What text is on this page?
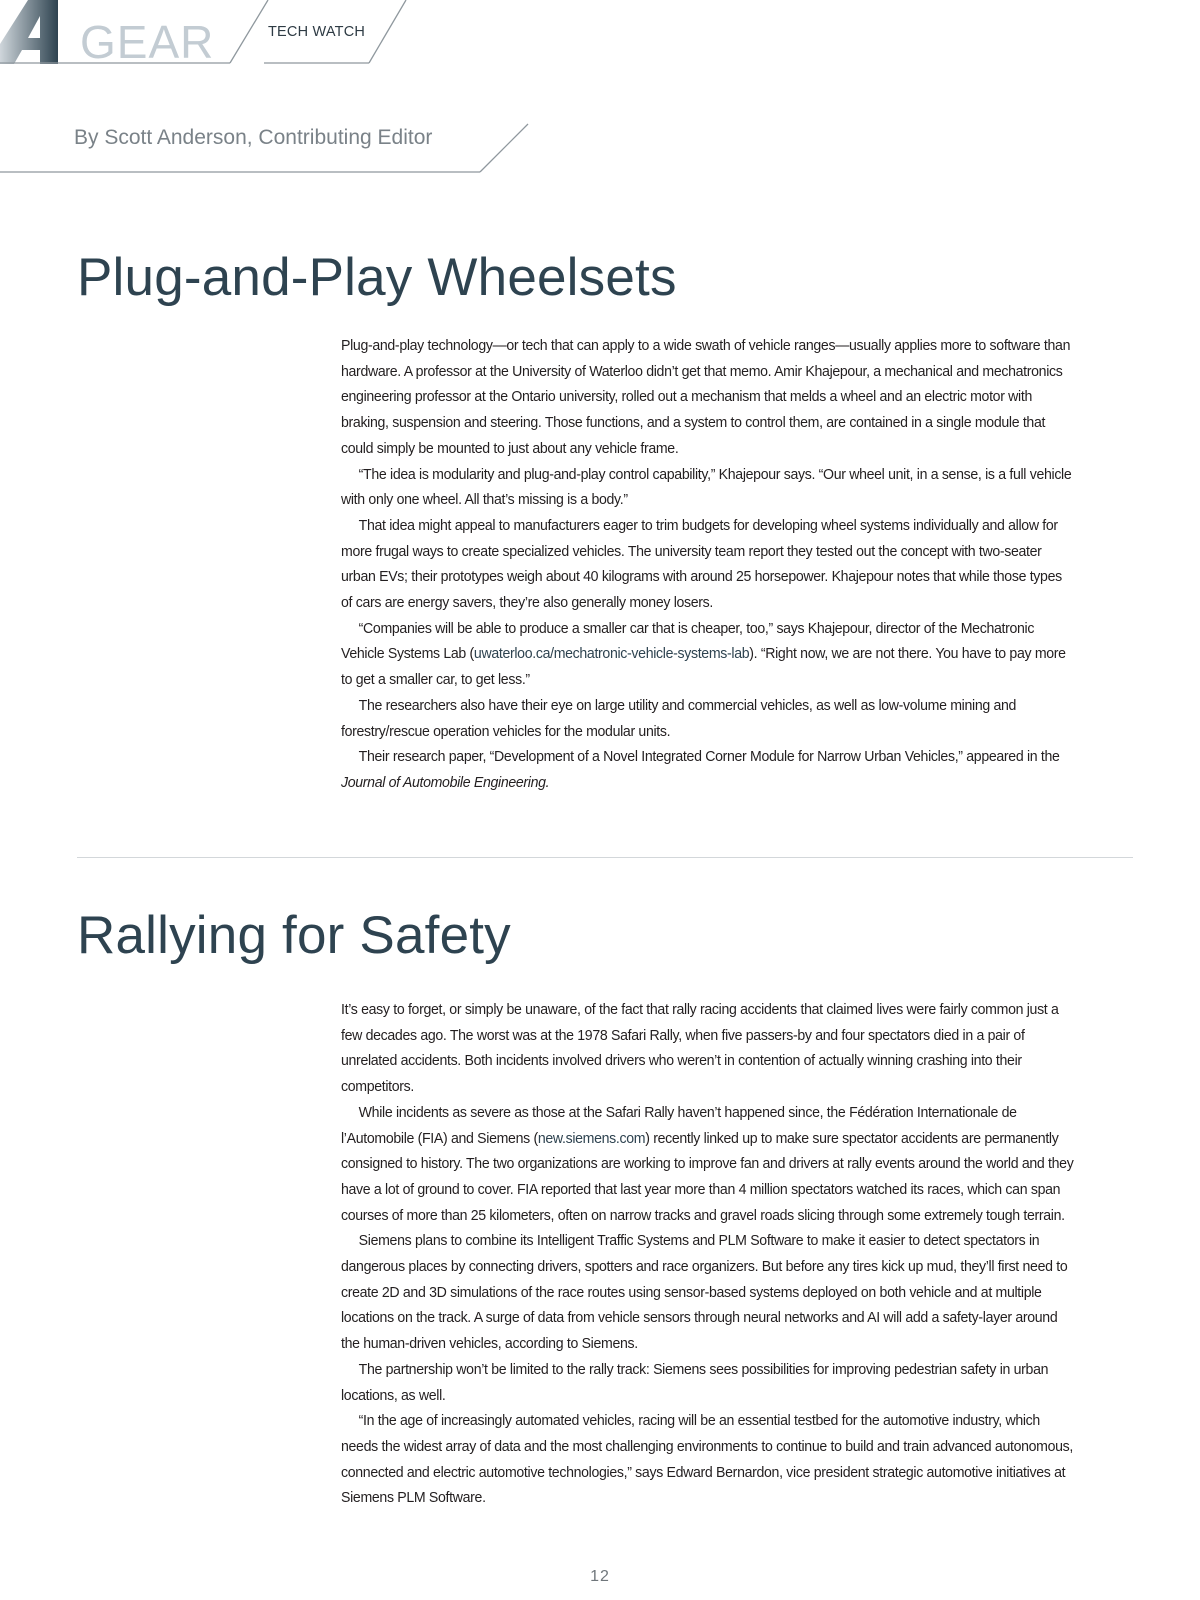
GEAR	TECH WATCH
By Scott Anderson, Contributing Editor
Plug-and-Play Wheelsets

Plug-and-play technology—or tech that can apply to a wide swath of vehicle ranges—usually applies more to software than hardware. A professor at the University of Waterloo didn’t get that memo. Amir Khajepour, a mechanical and mechatronics engineering professor at the Ontario university, rolled out a mechanism that melds a wheel and an electric motor with braking, suspension and steering. Those functions, and a system to control them, are contained in a single module that could simply be mounted to just about any vehicle frame.

“The idea is modularity and plug-and-play control capability,” Khajepour says. “Our wheel unit, in a sense, is a full vehicle with only one wheel. All that’s missing is a body.”

That idea might appeal to manufacturers eager to trim budgets for developing wheel systems individually and allow for more frugal ways to create specialized vehicles. The university team report they tested out the concept with two-seater urban EVs; their prototypes weigh about 40 kilograms with around 25 horsepower. Khajepour notes that while those types of cars are energy savers, they’re also generally money losers.

“Companies will be able to produce a smaller car that is cheaper, too,” says Khajepour, director of the Mechatronic Vehicle Systems Lab (uwaterloo.ca/mechatronic-vehicle-systems-lab). “Right now, we are not there. You have to pay more to get a smaller car, to get less.”

The researchers also have their eye on large utility and commercial vehicles, as well as low-volume mining and forestry/rescue operation vehicles for the modular units.

Their research paper, “Development of a Novel Integrated Corner Module for Narrow Urban Vehicles,” appeared in the Journal of Automobile Engineering.

Rallying for Safety

It’s easy to forget, or simply be unaware, of the fact that rally racing accidents that claimed lives were fairly common just a few decades ago. The worst was at the 1978 Safari Rally, when five passers-by and four spectators died in a pair of unrelated accidents. Both incidents involved drivers who weren’t in contention of actually winning crashing into their competitors.

While incidents as severe as those at the Safari Rally haven’t happened since, the Fédération Internationale de l’Automobile (FIA) and Siemens (new.siemens.com) recently linked up to make sure spectator accidents are permanently consigned to history. The two organizations are working to improve fan and drivers at rally events around the world and they have a lot of ground to cover. FIA reported that last year more than 4 million spectators watched its races, which can span courses of more than 25 kilometers, often on narrow tracks and gravel roads slicing through some extremely tough terrain.

Siemens plans to combine its Intelligent Traffic Systems and PLM Software to make it easier to detect spectators in dangerous places by connecting drivers, spotters and race organizers. But before any tires kick up mud, they’ll first need to create 2D and 3D simulations of the race routes using sensor-based systems deployed on both vehicle and at multiple locations on the track. A surge of data from vehicle sensors through neural networks and AI will add a safety-layer around the human-driven vehicles, according to Siemens.

The partnership won’t be limited to the rally track: Siemens sees possibilities for improving pedestrian safety in urban locations, as well.

“In the age of increasingly automated vehicles, racing will be an essential testbed for the automotive industry, which needs the widest array of data and the most challenging environments to continue to build and train advanced autonomous, connected and electric automotive technologies,” says Edward Bernardon, vice president strategic automotive initiatives at Siemens PLM Software.

12
